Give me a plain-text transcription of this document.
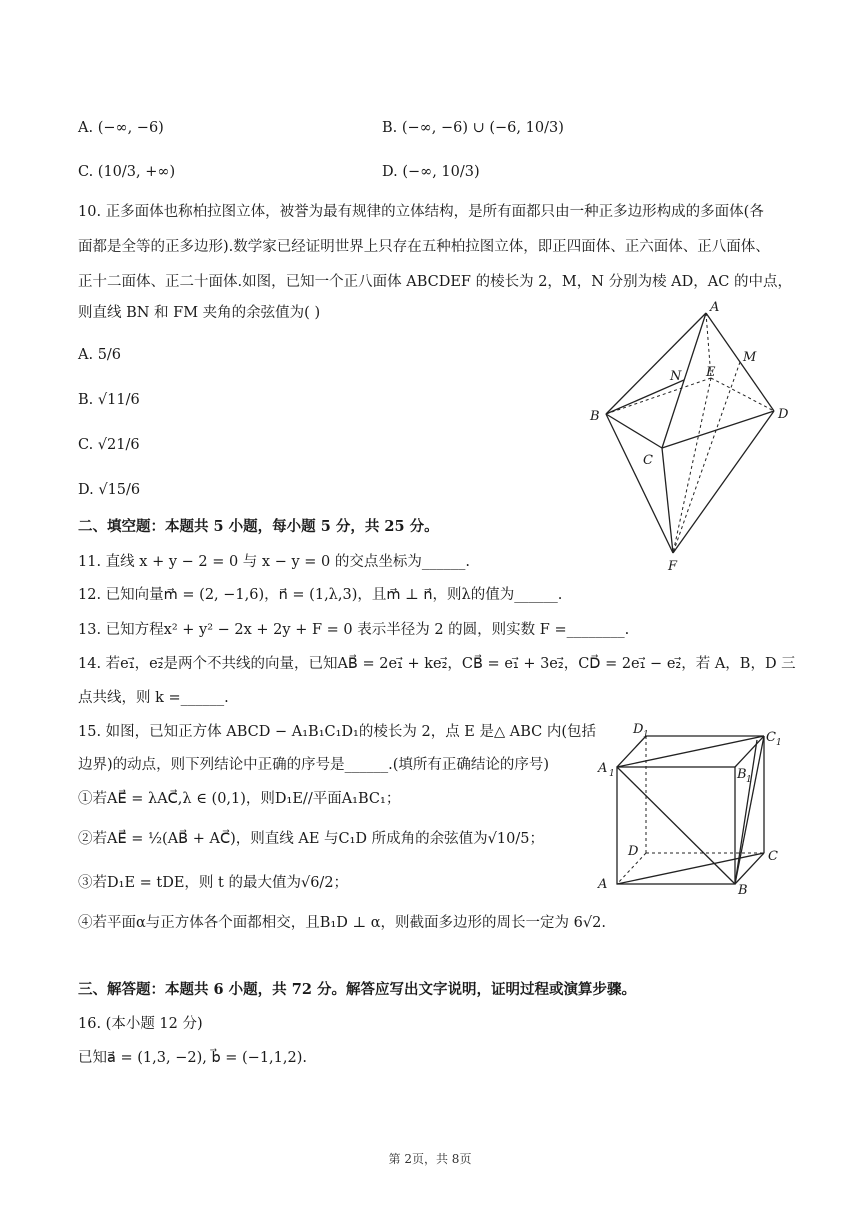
A. (−∞, −6)	B. (−∞, −6) ∪ (−6, 10/3)
C. (10/3, +∞)	D. (−∞, 10/3)
10. 正多面体也称柏拉图立体，被誉为最有规律的立体结构，是所有面都只由一种正多边形构成的多面体(各
面都是全等的正多边形).数学家已经证明世界上只存在五种柏拉图立体，即正四面体、正六面体、正八面体、
正十二面体、正二十面体.如图，已知一个正八面体 ABCDEF 的棱长为 2，M，N 分别为棱 AD，AC 的中点，
则直线 BN 和 FM 夹角的余弦值为( )
A. 5/6
B. √11/6
C. √21/6
D. √15/6
A
B
C
D
E
F
M
N
二、填空题：本题共 5 小题，每小题 5 分，共 25 分。
11. 直线 x + y − 2 = 0 与 x − y = 0 的交点坐标为______.
12. 已知向量m⃗ = (2, −1,6)，n⃗ = (1,λ,3)，且m⃗ ⊥ n⃗，则λ的值为______.
13. 已知方程x² + y² − 2x + 2y + F = 0 表示半径为 2 的圆，则实数 F =________.
14. 若e₁⃗，e₂⃗是两个不共线的向量，已知AB⃗ = 2e₁⃗ + ke₂⃗，CB⃗ = e₁⃗ + 3e₂⃗，CD⃗ = 2e₁⃗ − e₂⃗，若 A，B，D 三
点共线，则 k =______.
15. 如图，已知正方体 ABCD − A₁B₁C₁D₁的棱长为 2，点 E 是△ ABC 内(包括
边界)的动点，则下列结论中正确的序号是______.(填所有正确结论的序号)
①若AE⃗ = λAC⃗,λ ∈ (0,1)，则D₁E//平面A₁BC₁；
②若AE⃗ = ½(AB⃗ + AC⃗)，则直线 AE 与C₁D 所成角的余弦值为√10/5；
③若D₁E = tDE，则 t 的最大值为√6/2；
④若平面α与正方体各个面都相交，且B₁D ⊥ α，则截面多边形的周长一定为 6√2.
A	B
C
D
A 1	B 1
C 1
D 1
三、解答题：本题共 6 小题，共 72 分。解答应写出文字说明，证明过程或演算步骤。
16. (本小题 12 分)
已知a⃗ = (1,3, −2), b⃗ = (−1,1,2).
第 2页，共 8页
